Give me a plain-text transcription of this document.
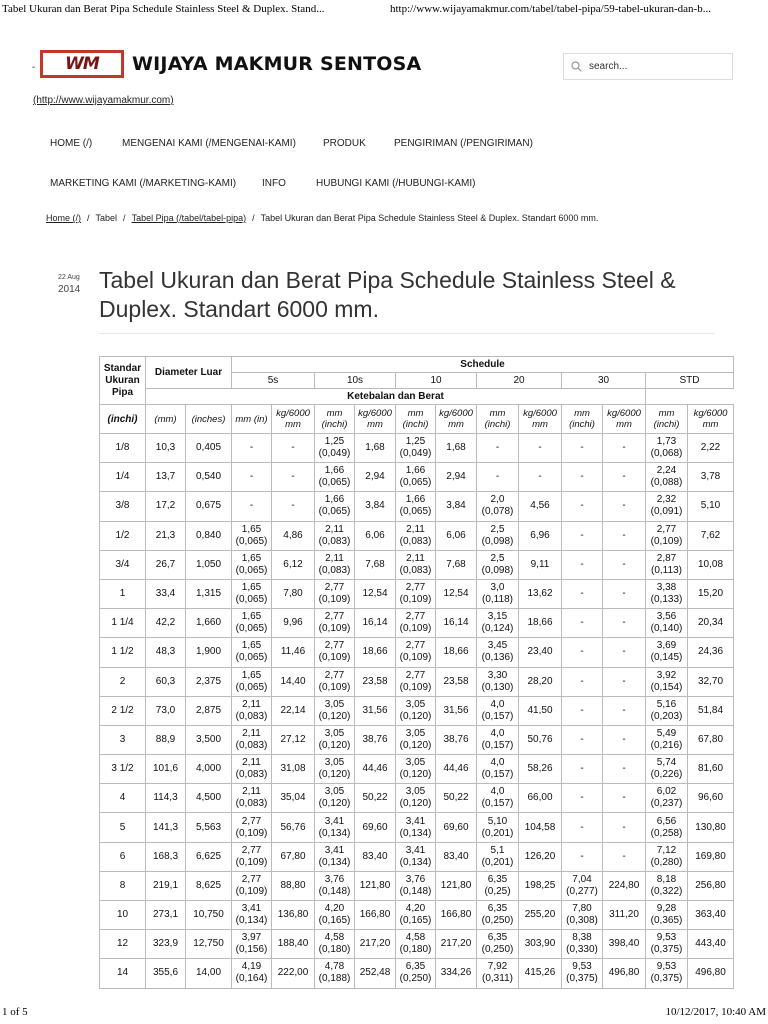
Tabel Ukuran dan Berat Pipa Schedule Stainless Steel & Duplex. Stand...	http://www.wijayamakmur.com/tabel/tabel-pipa/59-tabel-ukuran-dan-b...
- WM WIJAYA MAKMUR SENTOSA
(http://www.wijayamakmur.com)
search...
HOME (/)	MENGENAI KAMI (/MENGENAI-KAMI)	PRODUK	PENGIRIMAN (/PENGIRIMAN)
MARKETING KAMI (/MARKETING-KAMI)	INFO	HUBUNGI KAMI (/HUBUNGI-KAMI)
Home (/) / Tabel / Tabel Pipa (/tabel/tabel-pipa) / Tabel Ukuran dan Berat Pipa Schedule Stainless Steel & Duplex. Standart 6000 mm.
22 Aug
2014 Tabel Ukuran dan Berat Pipa Schedule Stainless Steel & Duplex. Standart 6000 mm.
Standar Ukuran Pipa	Diameter Luar		Schedule											
			5s		10s		10		20		30		STD	
	Ketebalan dan Berat													
(inchi)	(mm)	(inches)	mm (in)	kg/6000 mm	mm (inchi)	kg/6000 mm	mm (inchi)	kg/6000 mm	mm (inchi)	kg/6000 mm	mm (inchi)	kg/6000 mm	mm (inchi)	kg/6000 mm
1/8	10,3	0,405	-	-	1,25 (0,049)	1,68	1,25 (0,049)	1,68	-	-	-	-	1,73 (0,068)	2,22
1/4	13,7	0,540	-	-	1,66 (0,065)	2,94	1,66 (0,065)	2,94	-	-	-	-	2,24 (0,088)	3,78
3/8	17,2	0,675	-	-	1,66 (0,065)	3,84	1,66 (0,065)	3,84	2,0 (0,078)	4,56	-	-	2,32 (0,091)	5,10
1/2	21,3	0,840	1,65 (0,065)	4,86	2,11 (0,083)	6,06	2,11 (0,083)	6,06	2,5 (0,098)	6,96	-	-	2,77 (0,109)	7,62
3/4	26,7	1,050	1,65 (0,065)	6,12	2,11 (0,083)	7,68	2,11 (0,083)	7,68	2,5 (0,098)	9,11	-	-	2,87 (0,113)	10,08
1	33,4	1,315	1,65 (0,065)	7,80	2,77 (0,109)	12,54	2,77 (0,109)	12,54	3,0 (0,118)	13,62	-	-	3,38 (0,133)	15,20
1 1/4	42,2	1,660	1,65 (0,065)	9,96	2,77 (0,109)	16,14	2,77 (0,109)	16,14	3,15 (0,124)	18,66	-	-	3,56 (0,140)	20,34
1 1/2	48,3	1,900	1,65 (0,065)	11,46	2,77 (0,109)	18,66	2,77 (0,109)	18,66	3,45 (0,136)	23,40	-	-	3,69 (0,145)	24,36
2	60,3	2,375	1,65 (0,065)	14,40	2,77 (0,109)	23,58	2,77 (0,109)	23,58	3,30 (0,130)	28,20	-	-	3,92 (0,154)	32,70
2 1/2	73,0	2,875	2,11 (0,083)	22,14	3,05 (0,120)	31,56	3,05 (0,120)	31,56	4,0 (0,157)	41,50	-	-	5,16 (0,203)	51,84
3	88,9	3,500	2,11 (0,083)	27,12	3,05 (0,120)	38,76	3,05 (0,120)	38,76	4,0 (0,157)	50,76	-	-	5,49 (0,216)	67,80
3 1/2	101,6	4,000	2,11 (0,083)	31,08	3,05 (0,120)	44,46	3,05 (0,120)	44,46	4,0 (0,157)	58,26	-	-	5,74 (0,226)	81,60
4	114,3	4,500	2,11 (0,083)	35,04	3,05 (0,120)	50,22	3,05 (0,120)	50,22	4,0 (0,157)	66,00	-	-	6,02 (0,237)	96,60
5	141,3	5,563	2,77 (0,109)	56,76	3,41 (0,134)	69,60	3,41 (0,134)	69,60	5,10 (0,201)	104,58	-	-	6,56 (0,258)	130,80
6	168,3	6,625	2,77 (0,109)	67,80	3,41 (0,134)	83,40	3,41 (0,134)	83,40	5,1 (0,201)	126,20	-	-	7,12 (0,280)	169,80
8	219,1	8,625	2,77 (0,109)	88,80	3,76 (0,148)	121,80	3,76 (0,148)	121,80	6,35 (0,25)	198,25	7,04 (0,277)	224,80	8,18 (0,322)	256,80
10	273,1	10,750	3,41 (0,134)	136,80	4,20 (0,165)	166,80	4,20 (0,165)	166,80	6,35 (0,250)	255,20	7,80 (0,308)	311,20	9,28 (0,365)	363,40
12	323,9	12,750	3,97 (0,156)	188,40	4,58 (0,180)	217,20	4,58 (0,180)	217,20	6,35 (0,250)	303,90	8,38 (0,330)	398,40	9,53 (0,375)	443,40
14	355,6	14,00	4,19 (0,164)	222,00	4,78 (0,188)	252,48	6,35 (0,250)	334,26	7,92 (0,311)	415,26	9,53 (0,375)	496,80	9,53 (0,375)	496,80
1 of 5	10/12/2017, 10:40 AM
